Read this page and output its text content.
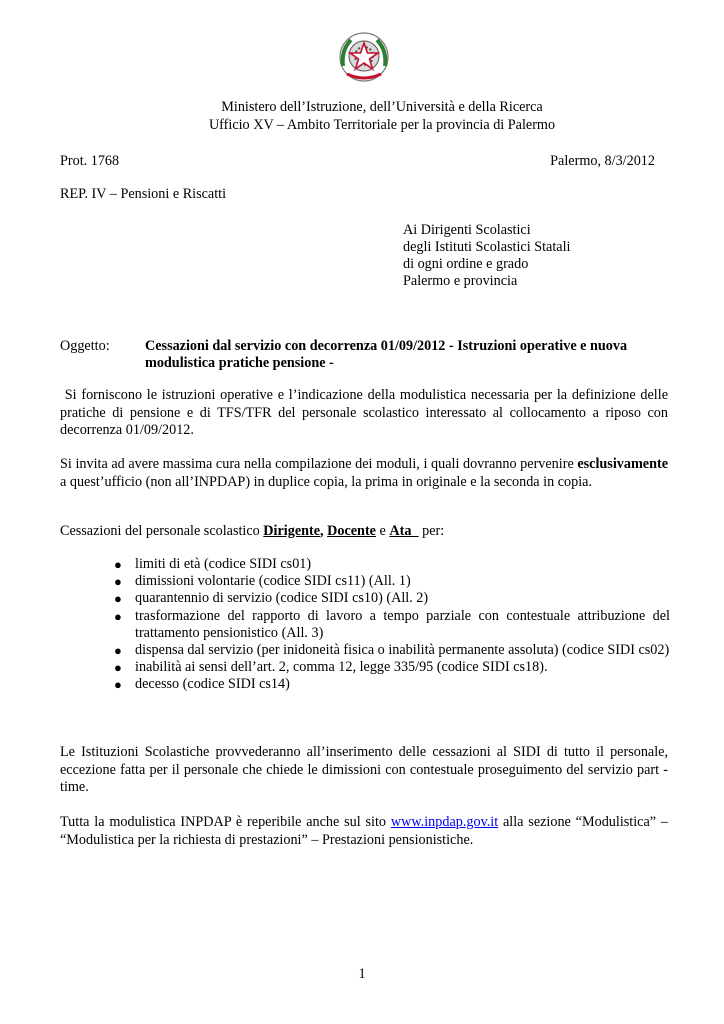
Ministero dell’Istruzione, dell’Università e della Ricerca
Ufficio XV – Ambito Territoriale per la provincia di Palermo
Prot. 1768	Palermo, 8/3/2012
REP. IV – Pensioni e Riscatti
Ai Dirigenti Scolastici
degli Istituti Scolastici Statali
di ogni ordine e grado
Palermo e provincia
Oggetto: Cessazioni dal servizio con decorrenza 01/09/2012 - Istruzioni operative e nuova
modulistica pratiche pensione -
Si forniscono le istruzioni operative e l’indicazione della modulistica necessaria per la definizione delle pratiche di pensione e di TFS/TFR del personale scolastico interessato al collocamento a riposo con decorrenza 01/09/2012.
Si invita ad avere massima cura nella compilazione dei moduli, i quali dovranno pervenire esclusivamente a quest’ufficio (non all’INPDAP) in duplice copia, la prima in originale e la seconda in copia.
Cessazioni del personale scolastico Dirigente, Docente e Ata   per:
● limiti di età (codice SIDI cs01)
● dimissioni volontarie (codice SIDI cs11) (All. 1)
● quarantennio di servizio (codice SIDI cs10) (All. 2)
● trasformazione del rapporto di lavoro a tempo parziale con contestuale attribuzione del trattamento pensionistico (All. 3)
● dispensa dal servizio (per inidoneità fisica o inabilità permanente assoluta) (codice SIDI cs02)
● inabilità ai sensi dell’art. 2, comma 12, legge 335/95 (codice SIDI cs18).
● decesso (codice SIDI cs14)
Le Istituzioni Scolastiche provvederanno all’inserimento delle cessazioni al SIDI di tutto il personale, eccezione fatta per il personale che chiede le dimissioni con contestuale proseguimento del servizio part - time.
Tutta la modulistica INPDAP è reperibile anche sul sito www.inpdap.gov.it alla sezione “Modulistica” – “Modulistica per la richiesta di prestazioni” – Prestazioni pensionistiche.
1
